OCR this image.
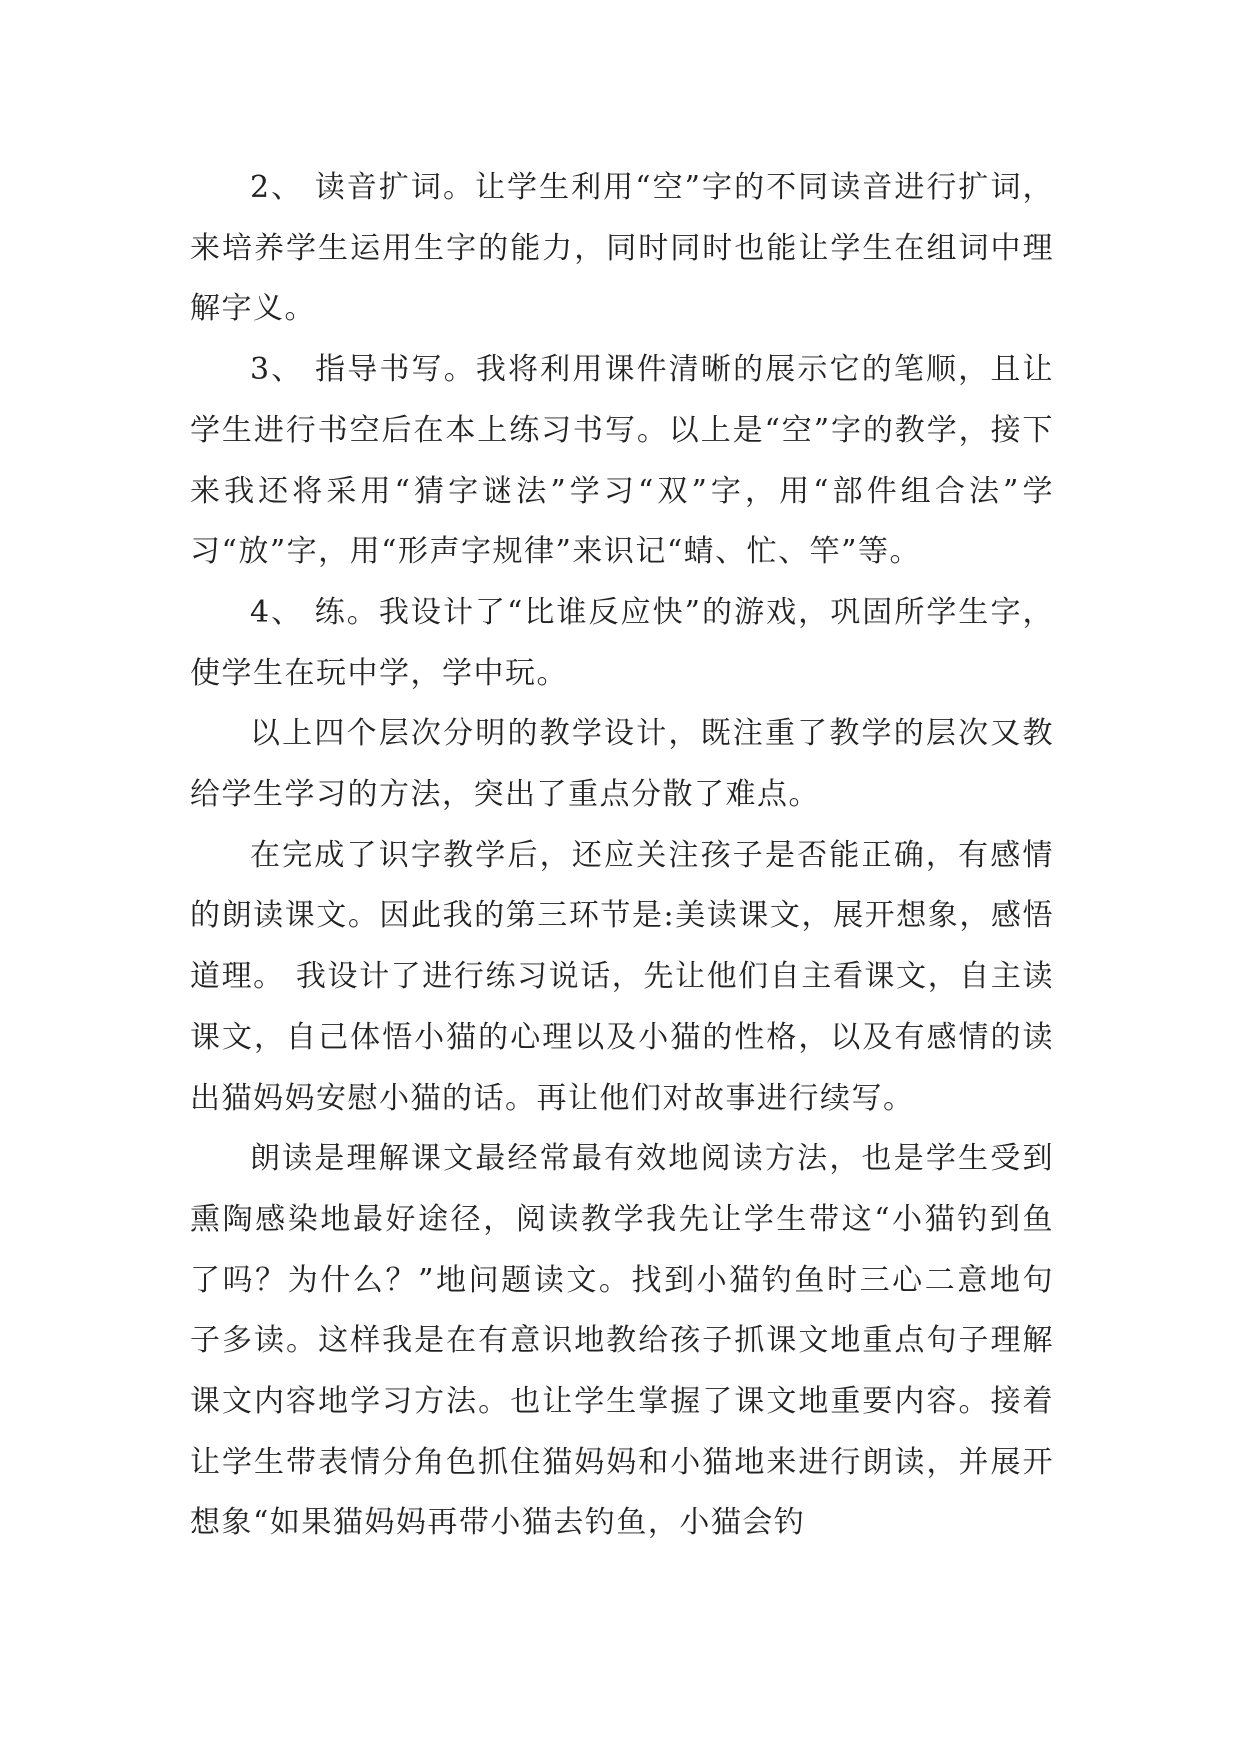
2、 读音扩词。让学生利用“空”字的不同读音进行扩词，来培养学生运用生字的能力，同时同时也能让学生在组词中理解字义。

3、 指导书写。我将利用课件清晰的展示它的笔顺，且让学生进行书空后在本上练习书写。以上是“空”字的教学，接下来我还将采用“猜字谜法”学习“双”字，用“部件组合法”学习“放”字，用“形声字规律”来识记“蜻、忙、竿”等。

4、 练。我设计了“比谁反应快”的游戏，巩固所学生字，使学生在玩中学，学中玩。

以上四个层次分明的教学设计，既注重了教学的层次又教给学生学习的方法，突出了重点分散了难点。

在完成了识字教学后，还应关注孩子是否能正确，有感情的朗读课文。因此我的第三环节是:美读课文，展开想象，感悟道理。 我设计了进行练习说话，先让他们自主看课文，自主读课文，自己体悟小猫的心理以及小猫的性格，以及有感情的读出猫妈妈安慰小猫的话。再让他们对故事进行续写。

朗读是理解课文最经常最有效地阅读方法，也是学生受到熏陶感染地最好途径，阅读教学我先让学生带这“小猫钓到鱼了吗？为什么？”地问题读文。找到小猫钓鱼时三心二意地句子多读。这样我是在有意识地教给孩子抓课文地重点句子理解课文内容地学习方法。也让学生掌握了课文地重要内容。接着让学生带表情分角色抓住猫妈妈和小猫地来进行朗读，并展开想象“如果猫妈妈再带小猫去钓鱼，小猫会钓
